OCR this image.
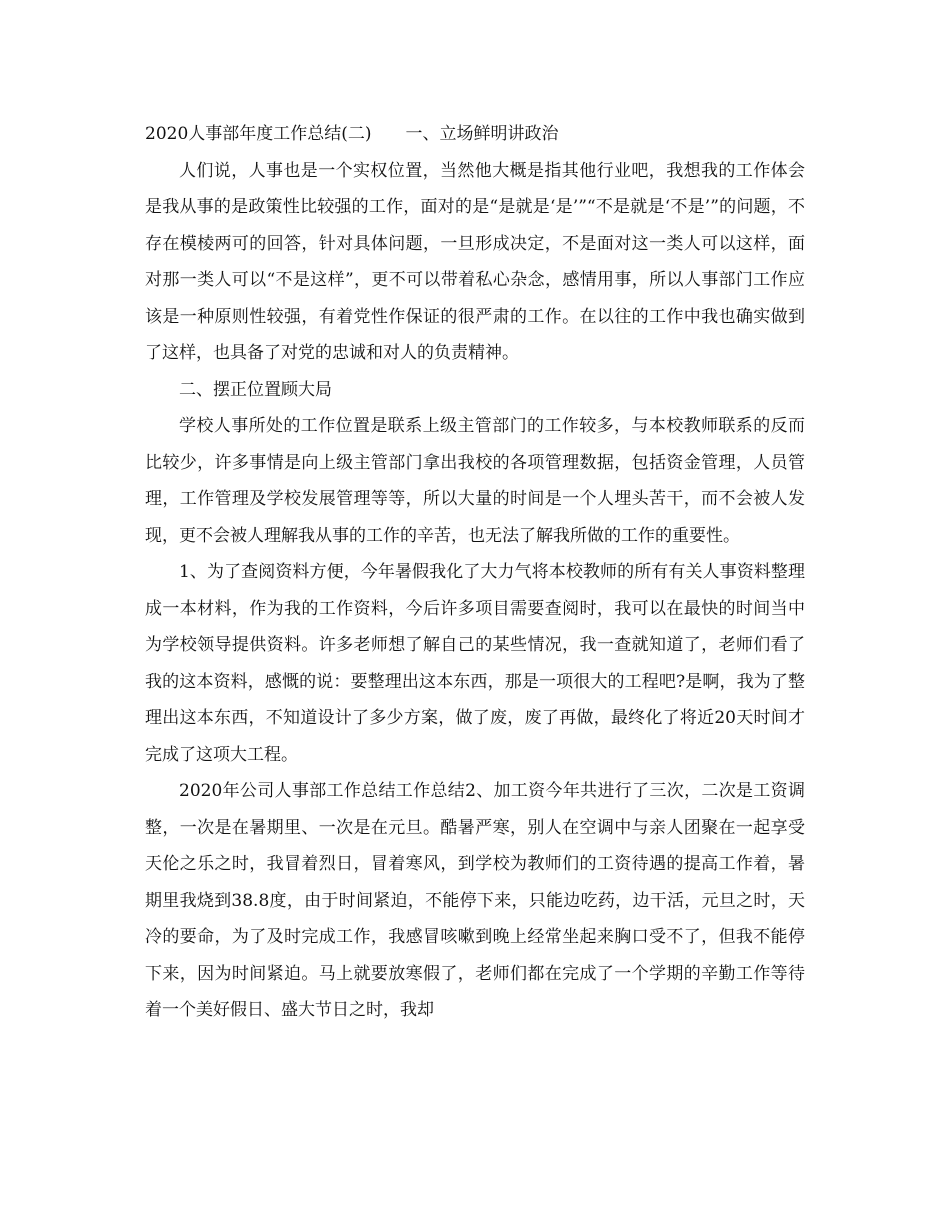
2020人事部年度工作总结(二)　　一、立场鲜明讲政治

人们说，人事也是一个实权位置，当然他大概是指其他行业吧，我想我的工作体会是我从事的是政策性比较强的工作，面对的是“是就是‘是’”“不是就是‘不是’”的问题，不存在模棱两可的回答，针对具体问题，一旦形成决定，不是面对这一类人可以这样，面对那一类人可以“不是这样”，更不可以带着私心杂念，感情用事，所以人事部门工作应该是一种原则性较强，有着党性作保证的很严肃的工作。在以往的工作中我也确实做到了这样，也具备了对党的忠诚和对人的负责精神。

二、摆正位置顾大局

学校人事所处的工作位置是联系上级主管部门的工作较多，与本校教师联系的反而比较少，许多事情是向上级主管部门拿出我校的各项管理数据，包括资金管理，人员管理，工作管理及学校发展管理等等，所以大量的时间是一个人埋头苦干，而不会被人发现，更不会被人理解我从事的工作的辛苦，也无法了解我所做的工作的重要性。

1、为了查阅资料方便，今年暑假我化了大力气将本校教师的所有有关人事资料整理成一本材料，作为我的工作资料，今后许多项目需要查阅时，我可以在最快的时间当中为学校领导提供资料。许多老师想了解自己的某些情况，我一查就知道了，老师们看了我的这本资料，感慨的说：要整理出这本东西，那是一项很大的工程吧?是啊，我为了整理出这本东西，不知道设计了多少方案，做了废，废了再做，最终化了将近20天时间才完成了这项大工程。

2020年公司人事部工作总结工作总结2、加工资今年共进行了三次，二次是工资调整，一次是在暑期里、一次是在元旦。酷暑严寒，别人在空调中与亲人团聚在一起享受天伦之乐之时，我冒着烈日，冒着寒风，到学校为教师们的工资待遇的提高工作着，暑期里我烧到38.8度，由于时间紧迫，不能停下来，只能边吃药，边干活，元旦之时，天冷的要命，为了及时完成工作，我感冒咳嗽到晚上经常坐起来胸口受不了，但我不能停下来，因为时间紧迫。马上就要放寒假了，老师们都在完成了一个学期的辛勤工作等待着一个美好假日、盛大节日之时，我却
